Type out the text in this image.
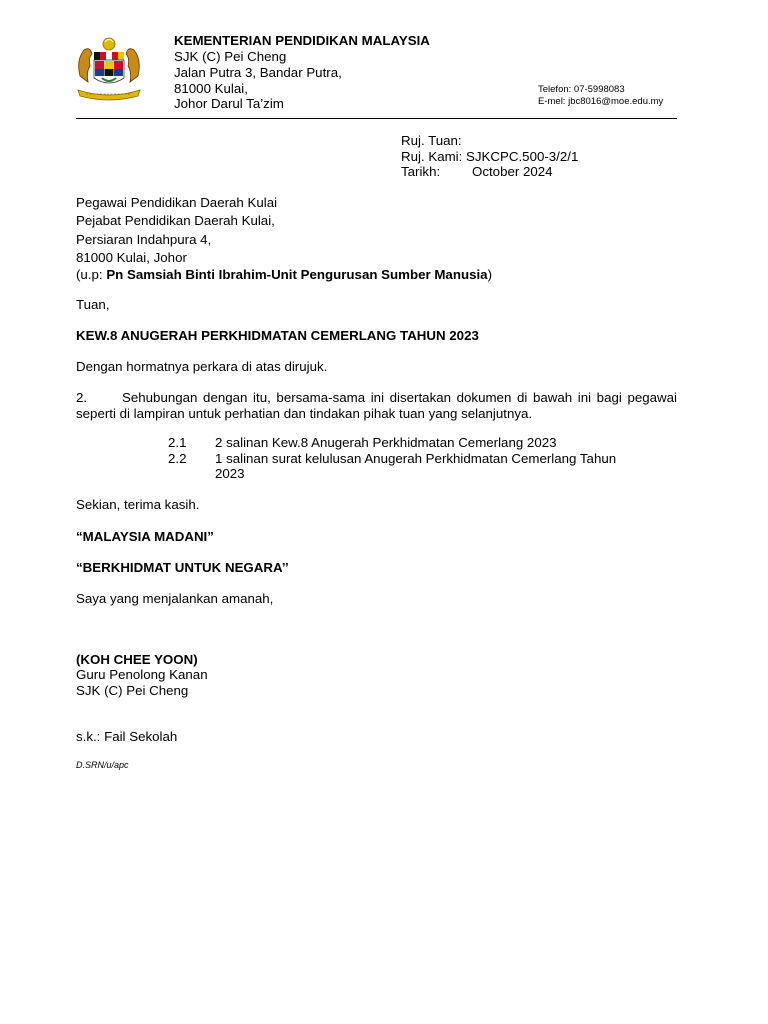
KEMENTERIAN PENDIDIKAN MALAYSIA
SJK (C) Pei Cheng
Jalan Putra 3, Bandar Putra,
81000 Kulai,
Johor Darul Ta’zim
Telefon: 07-5998083
E-mel: jbc8016@moe.edu.my
Ruj. Tuan:
Ruj. Kami: SJKCPC.500-3/2/1
Tarikh: October 2024
Pegawai Pendidikan Daerah Kulai
Pejabat Pendidikan Daerah Kulai,
Persiaran Indahpura 4,
81000 Kulai, Johor
(u.p: Pn Samsiah Binti Ibrahim-Unit Pengurusan Sumber Manusia)
Tuan,
KEW.8 ANUGERAH PERKHIDMATAN CEMERLANG TAHUN 2023
Dengan hormatnya perkara di atas dirujuk.
2.	Sehubungan dengan itu, bersama-sama ini disertakan dokumen di bawah ini bagi pegawai seperti di lampiran untuk perhatian dan tindakan pihak tuan yang selanjutnya.
2.1 2 salinan Kew.8 Anugerah Perkhidmatan Cemerlang 2023
2.2 1 salinan surat kelulusan Anugerah Perkhidmatan Cemerlang Tahun
2023
Sekian, terima kasih.
“MALAYSIA MADANI”
“BERKHIDMAT UNTUK NEGARA’’
Saya yang menjalankan amanah,
(KOH CHEE YOON)
Guru Penolong Kanan
SJK (C) Pei Cheng
s.k.: Fail Sekolah
D.SRN/u/apc
